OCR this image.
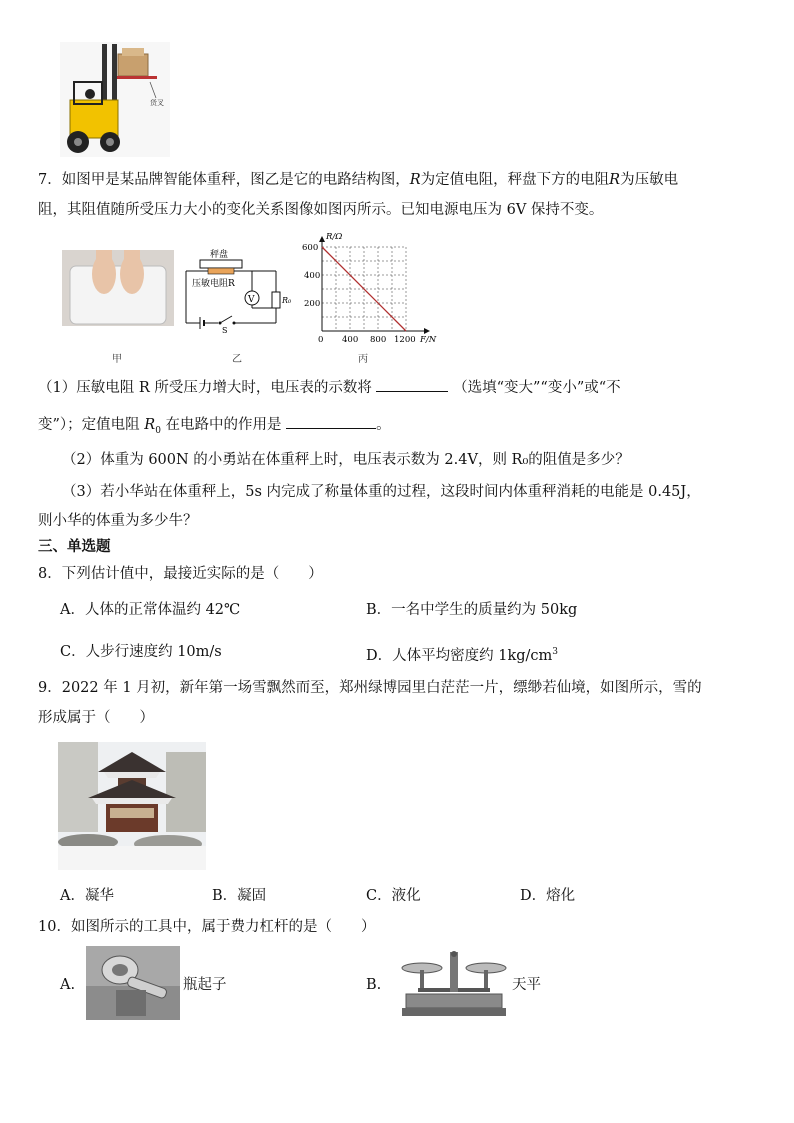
货叉
7．如图甲是某品牌智能体重秤，图乙是它的电路结构图，R为定值电阻，秤盘下方的电阻R为压敏电
阻，其阻值随所受压力大小的变化关系图像如图丙所示。已知电源电压为 6V 保持不变。
甲
秤盘
压敏电阻R
R₀
V
S
乙
R/Ω
600
400
200
0 400 800 1200 F/N
丙
（1）压敏电阻 R 所受压力增大时，电压表的示数将	（选填“变大”“变小”或“不
变”）；定值电阻 $R_0$ 在电路中的作用是	。
（2）体重为 600N 的小勇站在体重秤上时，电压表示数为 2.4V，则 R₀的阻值是多少？
（3）若小华站在体重秤上，5s 内完成了称量体重的过程，这段时间内体重秤消耗的电能是 0.45J，
则小华的体重为多少牛？
三、单选题
8．下列估计值中，最接近实际的是（　　）
A．人体的正常体温约 42℃	B．一名中学生的质量约为 50kg
C．人步行速度约 10m/s	D．人体平均密度约 $1kg/cm^3$
9．2022 年 1 月初，新年第一场雪飘然而至，郑州绿博园里白茫茫一片，缥缈若仙境，如图所示，雪的
形成属于（　　）
A．凝华	B．凝固	C．液化	D．熔化
10．如图所示的工具中，属于费力杠杆的是（　　）
A.	瓶起子	B.	天平
